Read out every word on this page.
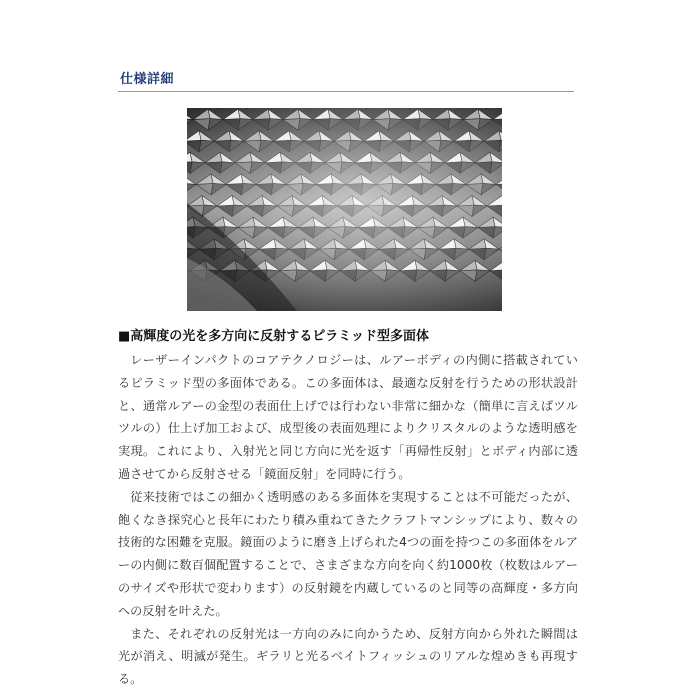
仕様詳細
■高輝度の光を多方向に反射するピラミッド型多面体

レーザーインパクトのコアテクノロジーは、ルアーボディの内側に搭載されているピラミッド型の多面体である。この多面体は、最適な反射を行うための形状設計と、通常ルアーの金型の表面仕上げでは行わない非常に細かな（簡単に言えばツルツルの）仕上げ加工および、成型後の表面処理によりクリスタルのような透明感を実現。これにより、入射光と同じ方向に光を返す「再帰性反射」とボディ内部に透過させてから反射させる「鏡面反射」を同時に行う。

従来技術ではこの細かく透明感のある多面体を実現することは不可能だったが、飽くなき探究心と長年にわたり積み重ねてきたクラフトマンシップにより、数々の技術的な困難を克服。鏡面のように磨き上げられた4つの面を持つこの多面体をルアーの内側に数百個配置することで、さまざまな方向を向く約1000枚（枚数はルアーのサイズや形状で変わります）の反射鏡を内蔵しているのと同等の高輝度・多方向への反射を叶えた。

また、それぞれの反射光は一方向のみに向かうため、反射方向から外れた瞬間は光が消え、明滅が発生。ギラリと光るベイトフィッシュのリアルな煌めきも再現する。
